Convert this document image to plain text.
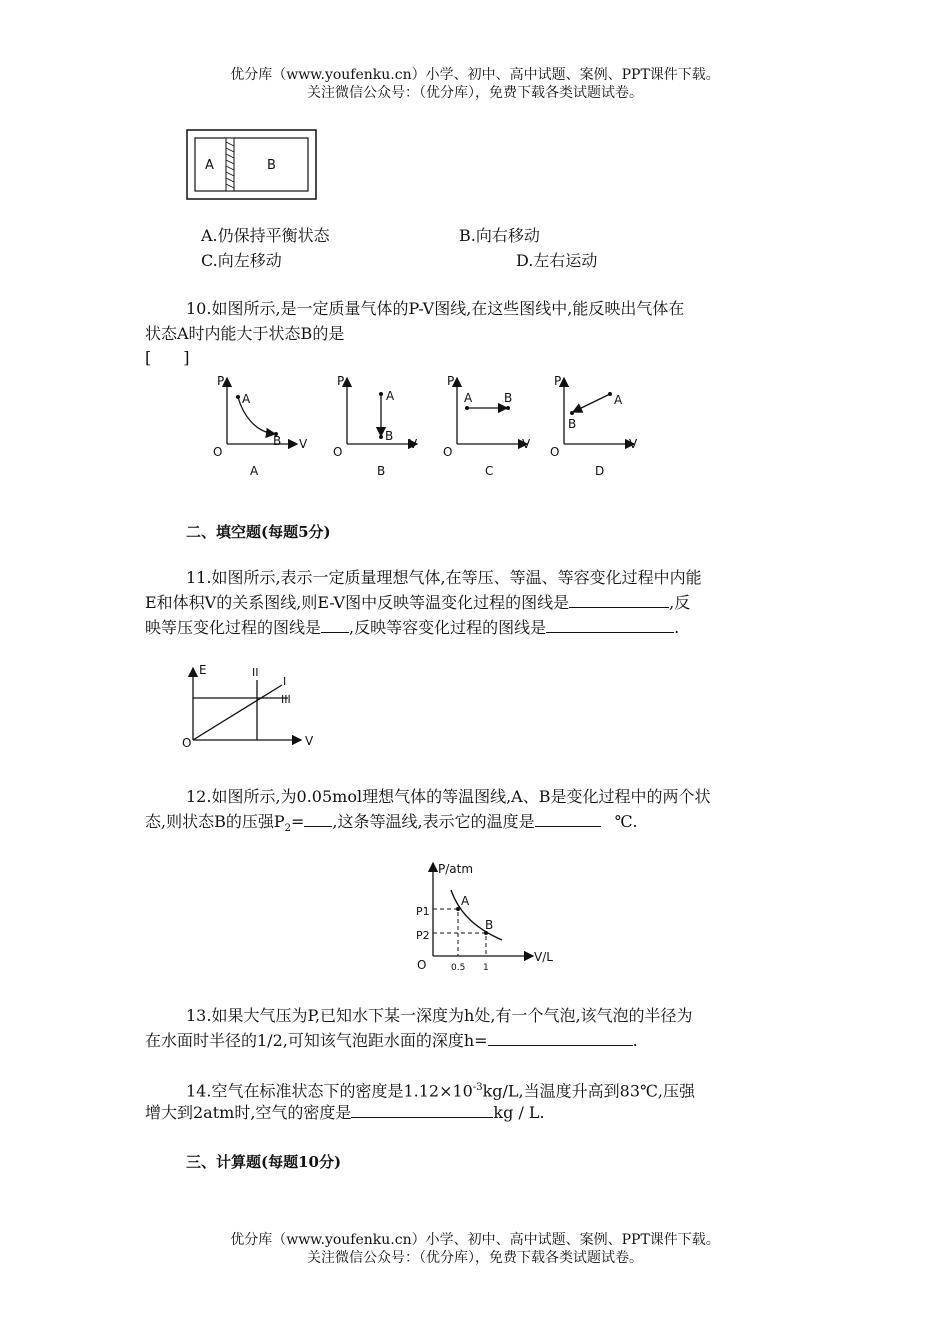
优分库（www.youfenku.cn）小学、初中、高中试题、案例、PPT课件下载。
关注微信公众号：（优分库），免费下载各类试题试卷。
A	B
A.仍保持平衡状态	B.向右移动
C.向左移动	D.左右运动
10.如图所示,是一定质量气体的P-V图线,在这些图线中,能反映出气体在
状态A时内能大于状态B的是
[　　]
P
V
O
A
B
A
P
V
O
A
B
B
P
V
O
A	B
C
P
V
O
A
B
D
二、填空题(每题5分)
11.如图所示,表示一定质量理想气体,在等压、等温、等容变化过程中内能
E和体积V的关系图线,则E-V图中反映等温变化过程的图线是	,反
映等压变化过程的图线是 ,反映等容变化过程的图线是	.
E
V
O
I
II
III
12.如图所示,为0.05mol理想气体的等温图线,A、B是变化过程中的两个状
态,则状态B的压强$P_2=$ ,这条等温线,表示它的温度是	℃.
P/atm
V/L
O
P1
P2
A
B
0.5 1
13.如果大气压为P,已知水下某一深度为h处,有一个气泡,该气泡的半径为
在水面时半径的1/2,可知该气泡距水面的深度h=	.
14.空气在标准状态下的密度是$1.12\times 10^{-3}kg/L$,当温度升高到83℃,压强
增大到2atm时,空气的密度是	kg / L.
三、计算题(每题10分)
优分库（www.youfenku.cn）小学、初中、高中试题、案例、PPT课件下载。
关注微信公众号：（优分库），免费下载各类试题试卷。
